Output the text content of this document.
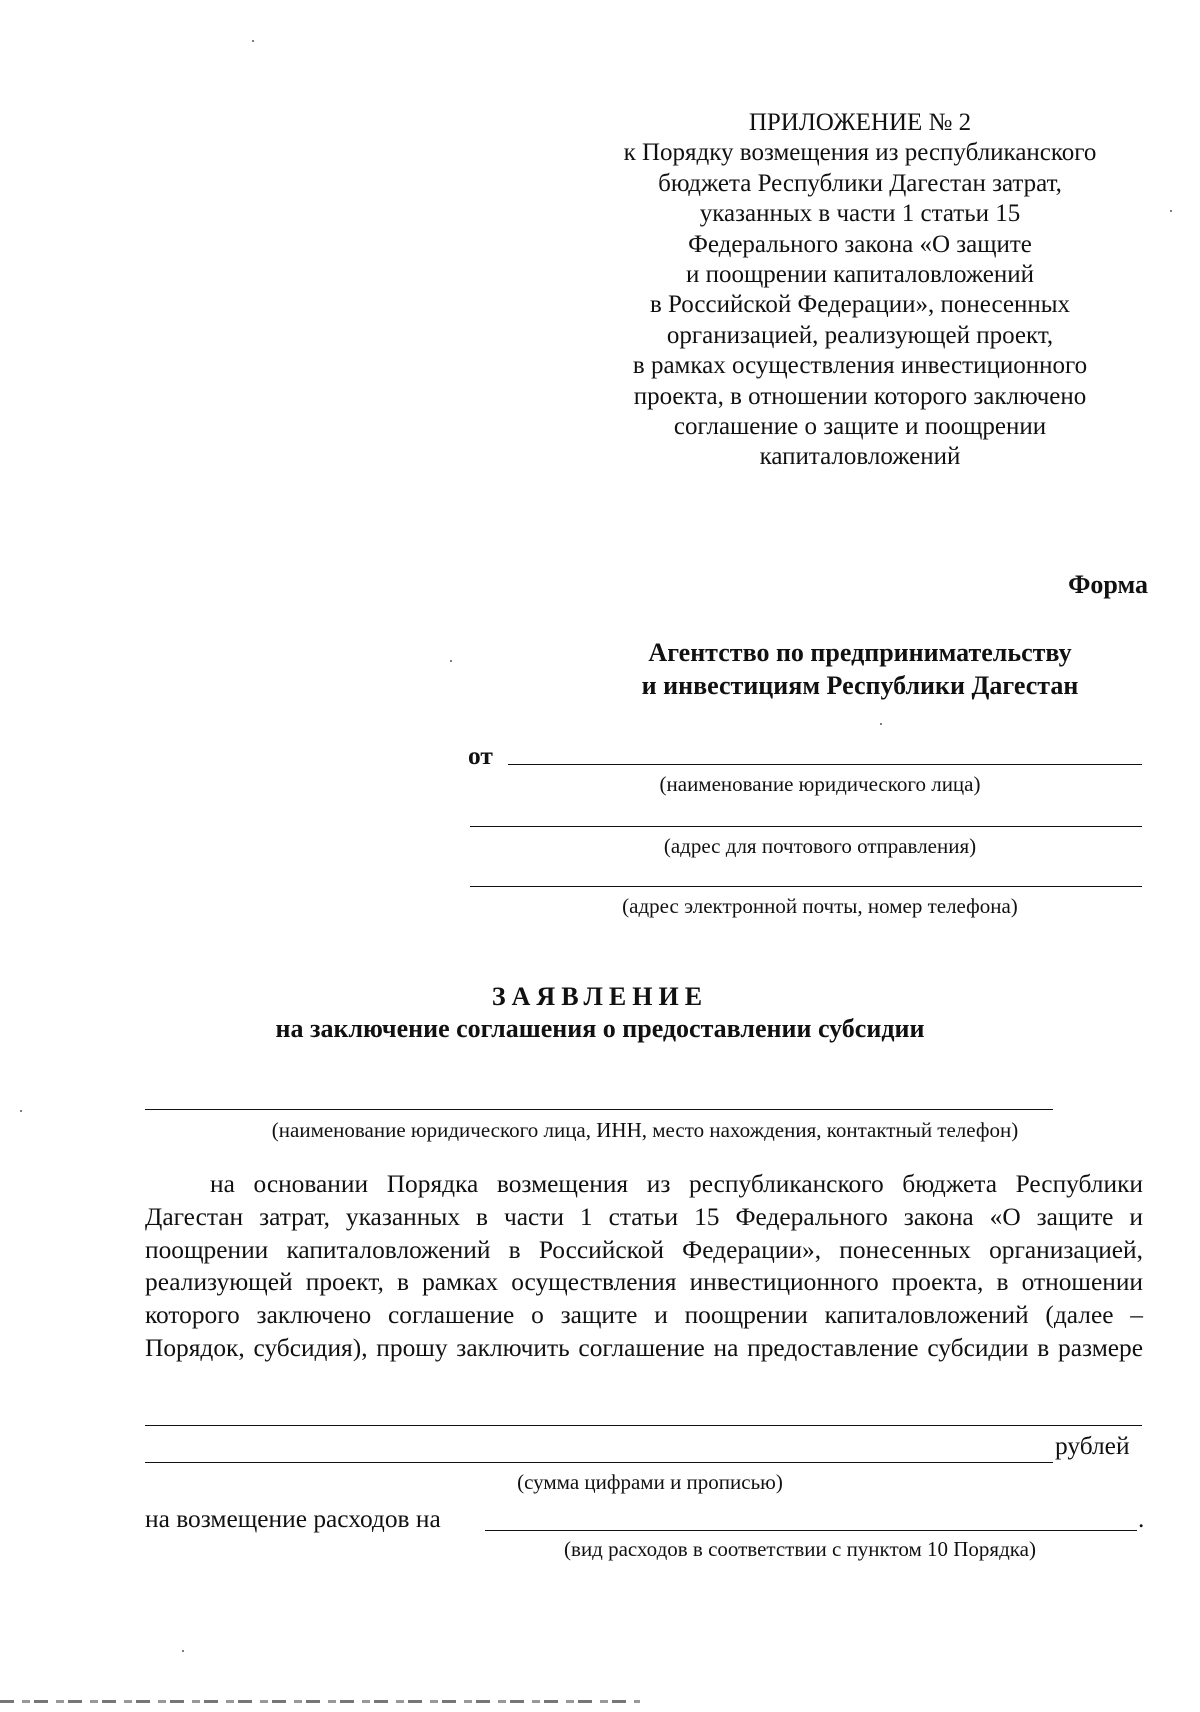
ПРИЛОЖЕНИЕ № 2
к Порядку возмещения из республиканского
бюджета Республики Дагестан затрат,
указанных в части 1 статьи 15
Федерального закона «О защите
и поощрении капиталовложений
в Российской Федерации», понесенных
организацией, реализующей проект,
в рамках осуществления инвестиционного
проекта, в отношении которого заключено
соглашение о защите и поощрении
капиталовложений
Форма
Агентство по предпринимательству
и инвестициям Республики Дагестан
от
(наименование юридического лица)
(адрес для почтового отправления)
(адрес электронной почты, номер телефона)
ЗАЯВЛЕНИЕ
на заключение соглашения о предоставлении субсидии
(наименование юридического лица, ИНН, место нахождения, контактный телефон)

на основании Порядка возмещения из республиканского бюджета Республики Дагестан затрат, указанных в части 1 статьи 15 Федерального закона «О защите и поощрении капиталовложений в Российской Федерации», понесенных организацией, реализующей проект, в рамках осуществления инвестиционного проекта, в отношении которого заключено соглашение о защите и поощрении капиталовложений (далее – Порядок, субсидия), прошу заключить соглашение на предоставление субсидии в размере

рублей
(сумма цифрами и прописью)
на возмещение расходов на	.
(вид расходов в соответствии с пунктом 10 Порядка)
